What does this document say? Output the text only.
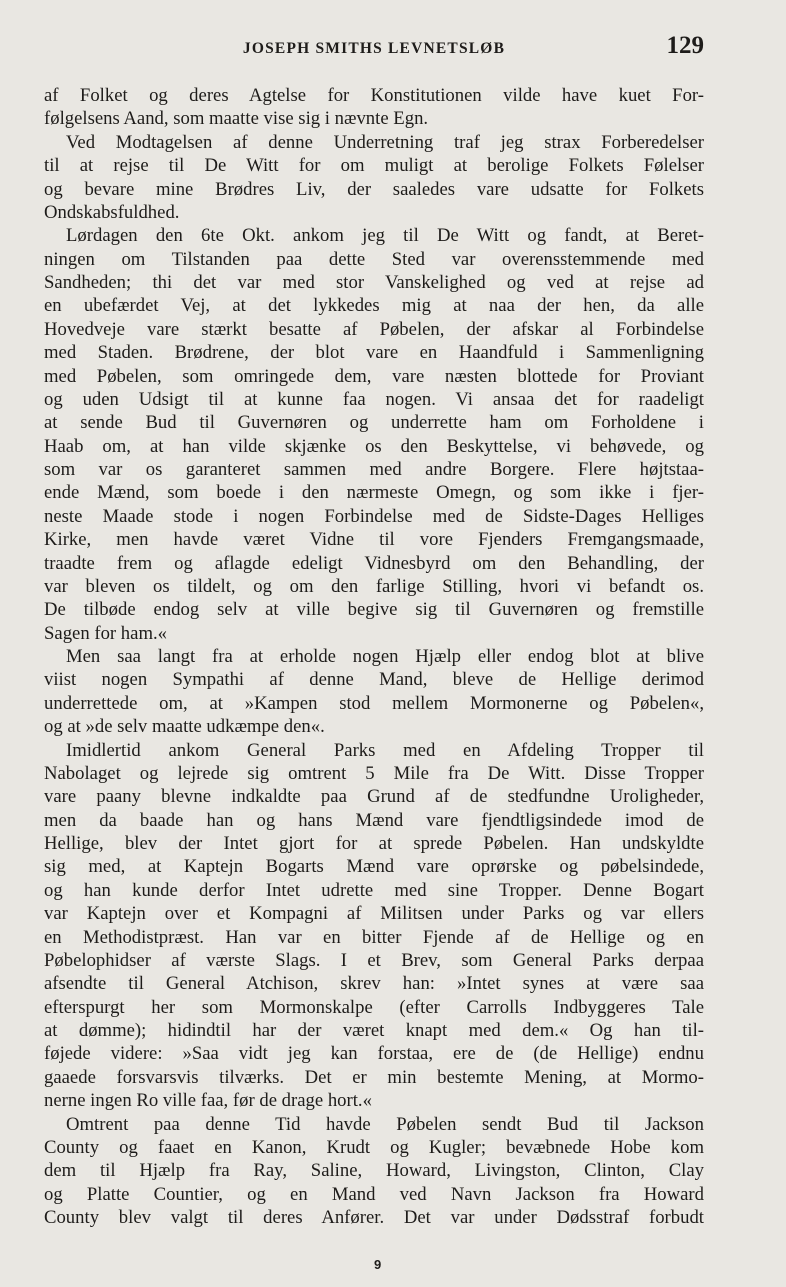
JOSEPH SMITHS LEVNETSLØB	129
af Folket og deres Agtelse for Konstitutionen vilde have kuet For-
følgelsens Aand, som maatte vise sig i nævnte Egn.
Ved Modtagelsen af denne Underretning traf jeg strax Forberedelser
til at rejse til De Witt for om muligt at berolige Folkets Følelser
og bevare mine Brødres Liv, der saaledes vare udsatte for Folkets
Ondskabsfuldhed.
Lørdagen den 6te Okt. ankom jeg til De Witt og fandt, at Beret-
ningen om Tilstanden paa dette Sted var overensstemmende med
Sandheden; thi det var med stor Vanskelighed og ved at rejse ad
en ubefærdet Vej, at det lykkedes mig at naa der hen, da alle
Hovedveje vare stærkt besatte af Pøbelen, der afskar al Forbindelse
med Staden. Brødrene, der blot vare en Haandfuld i Sammenligning
med Pøbelen, som omringede dem, vare næsten blottede for Proviant
og uden Udsigt til at kunne faa nogen. Vi ansaa det for raadeligt
at sende Bud til Guvernøren og underrette ham om Forholdene i
Haab om, at han vilde skjænke os den Beskyttelse, vi behøvede, og
som var os garanteret sammen med andre Borgere. Flere højtstaa-
ende Mænd, som boede i den nærmeste Omegn, og som ikke i fjer-
neste Maade stode i nogen Forbindelse med de Sidste-Dages Helliges
Kirke, men havde været Vidne til vore Fjenders Fremgangsmaade,
traadte frem og aflagde edeligt Vidnesbyrd om den Behandling, der
var bleven os tildelt, og om den farlige Stilling, hvori vi befandt os.
De tilbøde endog selv at ville begive sig til Guvernøren og fremstille
Sagen for ham.«
Men saa langt fra at erholde nogen Hjælp eller endog blot at blive
viist nogen Sympathi af denne Mand, bleve de Hellige derimod
underrettede om, at »Kampen stod mellem Mormonerne og Pøbelen«,
og at »de selv maatte udkæmpe den«.
Imidlertid ankom General Parks med en Afdeling Tropper til
Nabolaget og lejrede sig omtrent 5 Mile fra De Witt. Disse Tropper
vare paany blevne indkaldte paa Grund af de stedfundne Uroligheder,
men da baade han og hans Mænd vare fjendtligsindede imod de
Hellige, blev der Intet gjort for at sprede Pøbelen. Han undskyldte
sig med, at Kaptejn Bogarts Mænd vare oprørske og pøbelsindede,
og han kunde derfor Intet udrette med sine Tropper. Denne Bogart
var Kaptejn over et Kompagni af Militsen under Parks og var ellers
en Methodistpræst. Han var en bitter Fjende af de Hellige og en
Pøbelophidser af værste Slags. I et Brev, som General Parks derpaa
afsendte til General Atchison, skrev han: »Intet synes at være saa
efterspurgt her som Mormonskalpe (efter Carrolls Indbyggeres Tale
at dømme); hidindtil har der været knapt med dem.« Og han til-
føjede videre: »Saa vidt jeg kan forstaa, ere de (de Hellige) endnu
gaaede forsvarsvis tilværks. Det er min bestemte Mening, at Mormo-
nerne ingen Ro ville faa, før de drage hort.«
Omtrent paa denne Tid havde Pøbelen sendt Bud til Jackson
County og faaet en Kanon, Krudt og Kugler; bevæbnede Hobe kom
dem til Hjælp fra Ray, Saline, Howard, Livingston, Clinton, Clay
og Platte Countier, og en Mand ved Navn Jackson fra Howard
County blev valgt til deres Anfører. Det var under Dødsstraf forbudt
9
